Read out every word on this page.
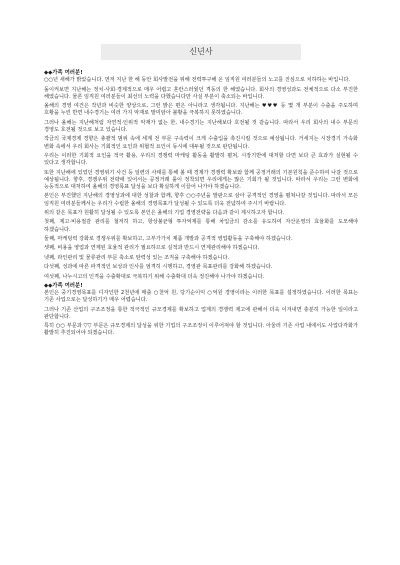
신년사

◆◆가족 여러분!

○○년 새해가 밝았습니다. 먼저 지난 한 해 동안 회사발전을 위해 전력투구해 온 임직원 여러분들의 노고를 진심으로 치하하는 바입니다.

돌이켜보면 지난해는 정치·사회·경제적으로 매우 어렵고 혼란스러웠던 격동의 한 해였습니다. 회사의 경영성과도 전체적으로 다소 부진한 해였습니다. 물론 임직원 여러분들이 최선의 노력을 다했습니다만 사실 부분이 축소되는 바입니다.

올해의 경영 여건은 작년과 비슷한 양상으로, 그런 밝은 편은 아니라고 생각됩니다. 지난해는 ♥♥♥ 등 몇 개 부분이 수출을 주도하며 호황을 누린 반면 내수경기는 여러 가지 악재로 말미암아 불황을 극복하지 못하였습니다.

그러나 올해는 지난해처럼 자연적·인위적 악재가 없는 한, 내수경기는 지난해보다 호전될 것 같습니다. 따라서 우리 회사의 내수 부문의 경영도 호전될 것으로 보고 있습니다.

작금의 국제경제 경향은 총괄적 범위 속에 세계 전 부문 구속력이 크게 수출입을 촉진시킬 것으로 예상됩니다. 거세지는 시장경기 가속화 변화 속에서 우리 회사는 기회적인 요인과 위협적 요인이 동시에 대두될 것으로 판단됩니다.

우리는 이러한 기회적 요인을 적극 활용, 우리의 경쟁력 마케팅 활동을 활발히 펼쳐, 시장기반에 대처할 다면 보다 큰 효과가 실현될 수 있다고 생각합니다.

또한 지난해에 있었던 경영위기 사건 등 일련의 사태를 통해 볼 때 경제가 경쟁력 확보와 함께 공정거래의 기본원칙을 준수하여 나갈 것으로 예상됩니다. 향후, 경쟁우위 전략에 있어서는 공정거래 룰이 정착되면 우리에게는 많은 기회가 될 것입니다. 따라서 우리는 그런 변화에 능동적으로 대처하여 올해의 경영목표 달성을 보다 확실하게 이끌어 나가야 하겠습니다.

본인은 부진했던 지난해의 경영성과에 대한 성찰과 함께, 향후 ○○주년을 발판으로 삼아 공격적인 경영을 펼쳐나갈 것입니다. 따라서 모든 임직원 여러분들께서는 우리가 수립한 올해의 경영목표가 달성될 수 있도록 더욱 전념하여 주시기 바랍니다.

위의 같은 목표가 원활히 달성될 수 있도록 본인은 올해의 기업 경영전략을 다음과 같이 제시하고자 합니다.

첫째, 제고·비용절감 관리를 철저히 하고, 항상불균형 투자억제를 통해 차입금의 감소를 유도하여 자산운영의 효율화를 도모해야 하겠습니다.

둘째, 마케팅력 강화로 경쟁우위를 확보하고, 고부가가치 제품 개발과 공격적 영업활동을 구축해야 하겠습니다.

셋째, 비용을 영업과 연계된 효율적 관리가 필요하므로 실적과 반드시 연계관리해야 하겠습니다.

넷째, 라인관리 및 물류관리 부문 축소로 탄력성 있는 조직을 구축해야 하겠습니다.

다섯째, 성과에 따른 파격적인 보상과 인사를 엄격히 시행하고, 경영관 목표관리를 강화해 하겠습니다.

여섯째, 나누시고의 인격을 수출확대로 극복하기 위해 수출확대 더욱 정진해야 나가야 하겠습니다.

◆◆가족 여러분!

본인은 중기경영목표를 디자인한 2천년에 매출 ○천억 원, 당기순이익 ○억원 경영이라는 이러한 목표를 설정하였습니다. 이러한 목표는 기존 사업으로는 달성하기가 매우 어렵습니다.

그러나 기존 산업의 구조조정을 통한 적극적인 규모경제를 확보하고 업계의 경쟁력 제고에 관해서 더욱 이겨내면 충분히 가능한 일이라고 판단합니다.

특히 ○○ 부문과 ▽▽ 부문은 규모경제의 달성을 위한 기업의 구조조정이 이루어져야 할 것입니다. 아울러 기존 사업 내에서도 사업다각화가 활발히 추진되어야 되겠습니다.
